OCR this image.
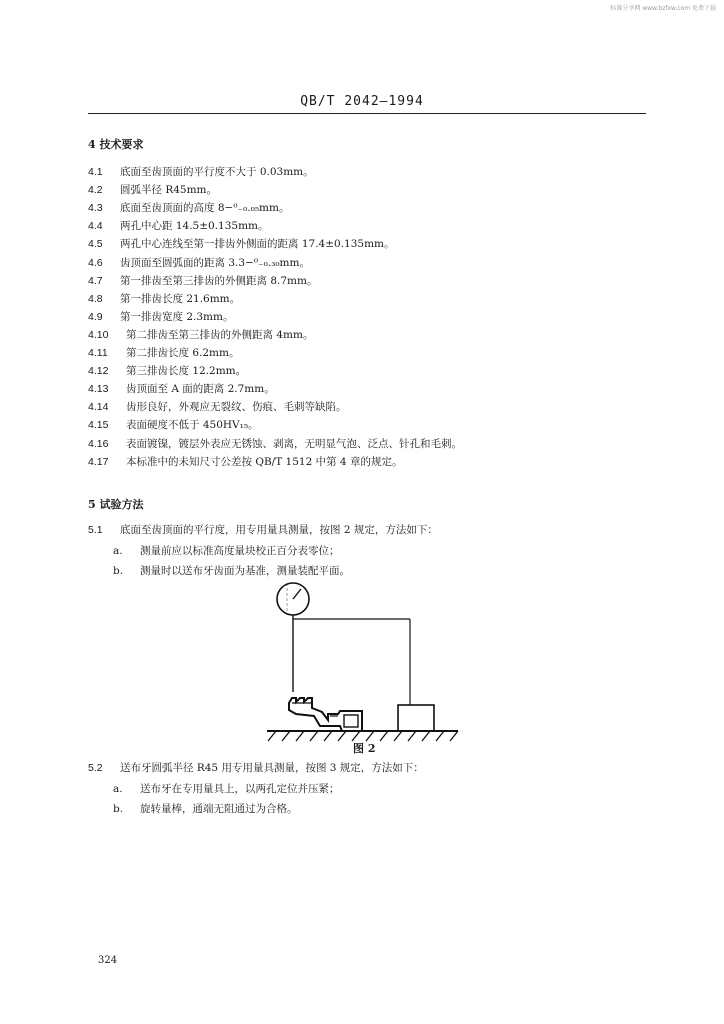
标准分享网 www.bzfxw.com 免费下载
QB/T 2042—1994
4 技术要求
4.1 底面至齿顶面的平行度不大于 0.03mm。
4.2 圆弧半径 R45mm。
4.3 底面至齿顶面的高度 8−⁰₋₀.₀₅mm。
4.4 两孔中心距 14.5±0.135mm。
4.5 两孔中心连线至第一排齿外侧面的距离 17.4±0.135mm。
4.6 齿顶面至圆弧面的距离 3.3−⁰₋₀.₃₀mm。
4.7 第一排齿至第三排齿的外侧距离 8.7mm。
4.8 第一排齿长度 21.6mm。
4.9 第一排齿宽度 2.3mm。
4.10 第二排齿至第三排齿的外侧距离 4mm。
4.11 第二排齿长度 6.2mm。
4.12 第三排齿长度 12.2mm。
4.13 齿顶面至 A 面的距离 2.7mm。
4.14 齿形良好，外观应无裂纹、伤痕、毛刺等缺陷。
4.15 表面硬度不低于 450HV₁₅。
4.16 表面镀镍，镀层外表应无锈蚀、剥离，无明显气泡、泛点、针孔和毛刺。
4.17 本标准中的未知尺寸公差按 QB/T 1512 中第 4 章的规定。
5 试验方法
5.1 底面至齿顶面的平行度，用专用量具测量，按图 2 规定，方法如下：
a. 测量前应以标准高度量块校正百分表零位；
b. 测量时以送布牙齿面为基准，测量装配平面。
图 2
5.2 送布牙圆弧半径 R45 用专用量具测量，按图 3 规定，方法如下：
a. 送布牙在专用量具上，以两孔定位并压紧；
b. 旋转量棒，通端无阻通过为合格。
324
